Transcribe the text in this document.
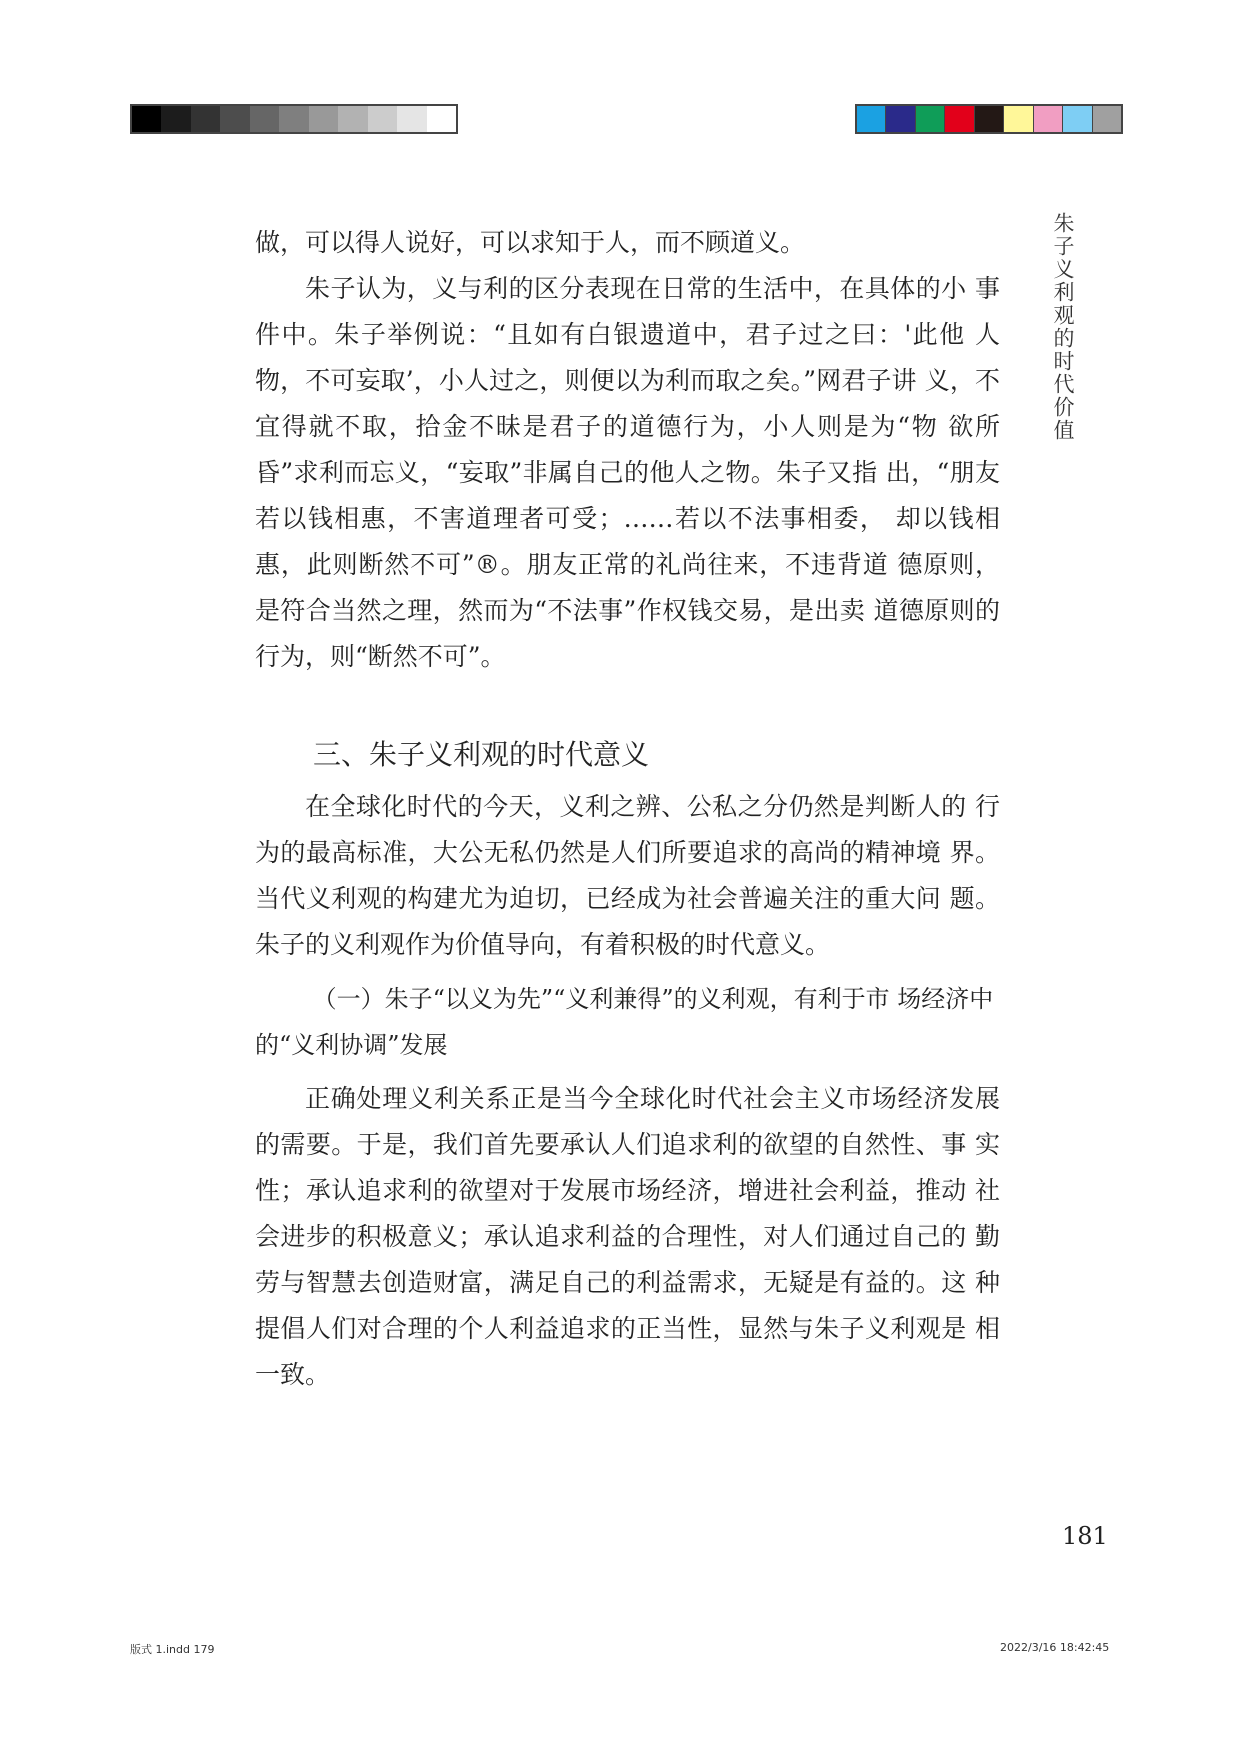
朱子义利观的时代价值

做，可以得人说好，可以求知于人，而不顾道义。

朱子认为，义与利的区分表现在日常的生活中，在具体的小 事件中。朱子举例说：“且如有白银遗道中，君子过之曰：'此他 人物，不可妄取’，小人过之，则便以为利而取之矣。”网君子讲 义，不宜得就不取，拾金不昧是君子的道德行为，小人则是为“物 欲所昏”求利而忘义，“妄取”非属自己的他人之物。朱子又指 出，“朋友若以钱相惠，不害道理者可受；……若以不法事相委， 却以钱相惠，此则断然不可”®。朋友正常的礼尚往来，不违背道 德原则，是符合当然之理，然而为“不法事”作权钱交易，是出卖 道德原则的行为，则“断然不可”。

三、朱子义利观的时代意义

在全球化时代的今天，义利之辨、公私之分仍然是判断人的 行为的最高标准，大公无私仍然是人们所要追求的高尚的精神境 界。当代义利观的构建尤为迫切，已经成为社会普遍关注的重大问 题。朱子的义利观作为价值导向，有着积极的时代意义。

（一）朱子“以义为先”“义利兼得”的义利观，有利于市 场经济中的“义利协调”发展

正确处理义利关系正是当今全球化时代社会主义市场经济发展的需要。于是，我们首先要承认人们追求利的欲望的自然性、事 实性；承认追求利的欲望对于发展市场经济，增进社会利益，推动 社会进步的积极意义；承认追求利益的合理性，对人们通过自己的 勤劳与智慧去创造财富，满足自己的利益需求，无疑是有益的。这 种提倡人们对合理的个人利益追求的正当性，显然与朱子义利观是 相一致。

181
版式 1.indd 179	2022/3/16 18:42:45
